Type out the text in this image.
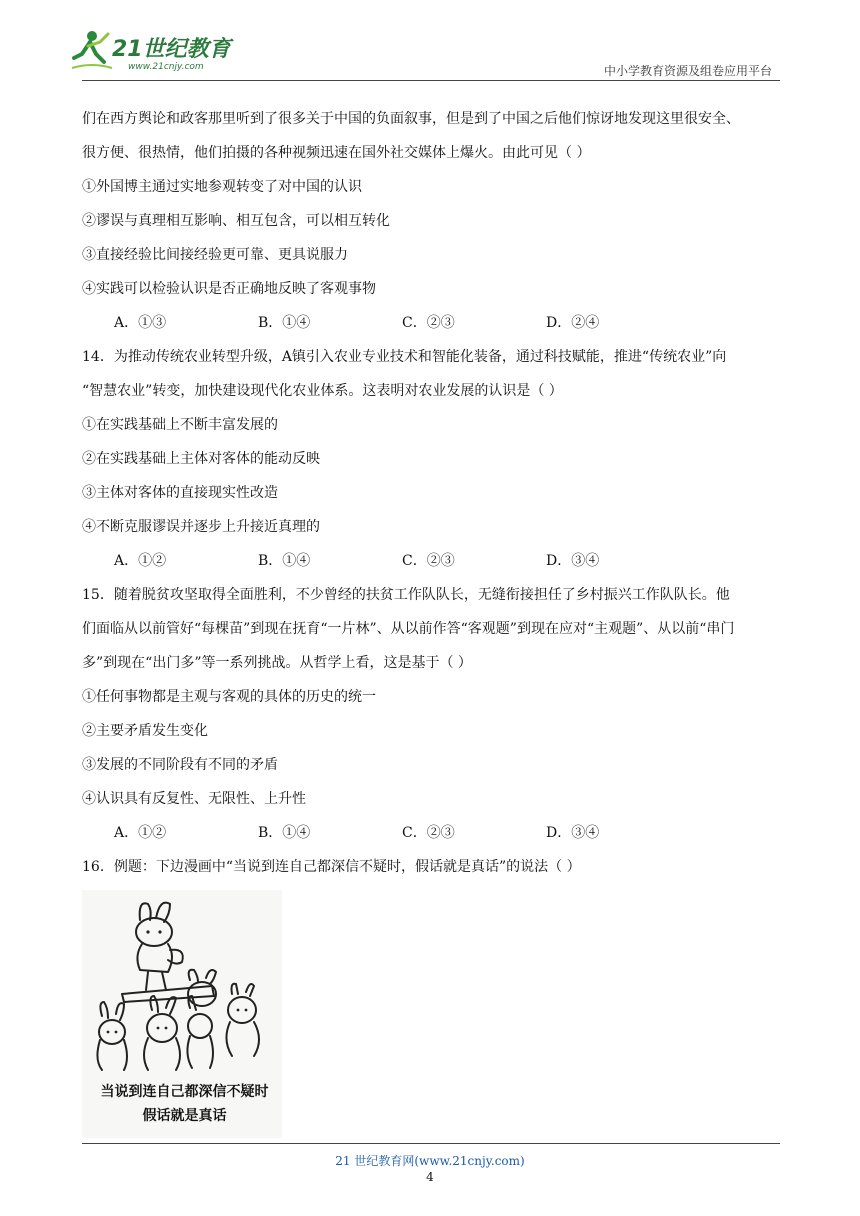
21世纪教育
www.21cnjy.com	中小学教育资源及组卷应用平台

们在西方舆论和政客那里听到了很多关于中国的负面叙事，但是到了中国之后他们惊讶地发现这里很安全、

很方便、很热情，他们拍摄的各种视频迅速在国外社交媒体上爆火。由此可见（ ）

①外国博主通过实地参观转变了对中国的认识

②谬误与真理相互影响、相互包含，可以相互转化

③直接经验比间接经验更可靠、更具说服力

④实践可以检验认识是否正确地反映了客观事物

A．①③	B．①④	C．②③	D．②④

14．为推动传统农业转型升级，A镇引入农业专业技术和智能化装备，通过科技赋能，推进“传统农业”向

“智慧农业”转变，加快建设现代化农业体系。这表明对农业发展的认识是（ ）

①在实践基础上不断丰富发展的

②在实践基础上主体对客体的能动反映

③主体对客体的直接现实性改造

④不断克服谬误并逐步上升接近真理的

A．①②	B．①④	C．②③	D．③④

15．随着脱贫攻坚取得全面胜利，不少曾经的扶贫工作队队长，无缝衔接担任了乡村振兴工作队队长。他

们面临从以前管好“每棵苗”到现在抚育“一片林”、从以前作答“客观题”到现在应对“主观题”、从以前“串门

多”到现在“出门多”等一系列挑战。从哲学上看，这是基于（ ）

①任何事物都是主观与客观的具体的历史的统一

②主要矛盾发生变化

③发展的不同阶段有不同的矛盾

④认识具有反复性、无限性、上升性

A．①②	B．①④	C．②③	D．③④

16．例题：下边漫画中“当说到连自己都深信不疑时，假话就是真话”的说法（ ）

当说到连自己都深信不疑时
假话就是真话
21 世纪教育网(www.21cnjy.com)
4
